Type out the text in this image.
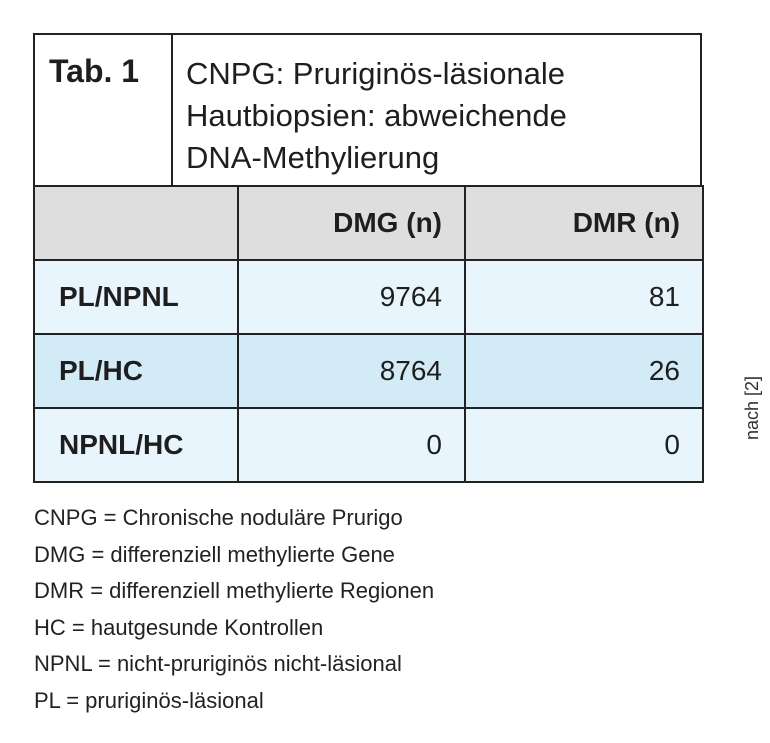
Tab. 1	CNPG: Pruriginös-läsionale
Hautbiopsien: abweichende
DNA-Methylierung
	DMG (n)	DMR (n)
PL/NPNL	9764	81
PL/HC	8764	26
NPNL/HC	0	0
nach [2]
CNPG = Chronische noduläre Prurigo
DMG = differenziell methylierte Gene
DMR = differenziell methylierte Regionen
HC = hautgesunde Kontrollen
NPNL = nicht-pruriginös nicht-läsional
PL = pruriginös-läsional
